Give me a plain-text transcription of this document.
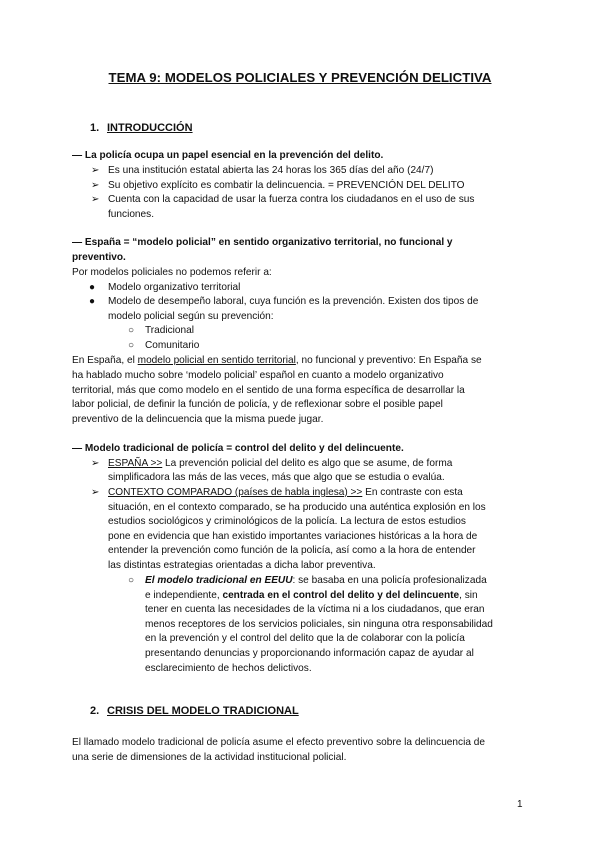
TEMA 9: MODELOS POLICIALES Y PREVENCIÓN DELICTIVA
1. INTRODUCCIÓN
— La policía ocupa un papel esencial en la prevención del delito.
➢ Es una institución estatal abierta las 24 horas los 365 días del año (24/7)
➢ Su objetivo explícito es combatir la delincuencia. = PREVENCIÓN DEL DELITO
➢ Cuenta con la capacidad de usar la fuerza contra los ciudadanos en el uso de sus
funciones.
— España = “modelo policial” en sentido organizativo territorial, no funcional y
preventivo.
Por modelos policiales no podemos referir a:
● Modelo organizativo territorial
● Modelo de desempeño laboral, cuya función es la prevención. Existen dos tipos de
modelo policial según su prevención:
○ Tradicional
○ Comunitario
En España, el modelo policial en sentido territorial, no funcional y preventivo: En España se
ha hablado mucho sobre ‘modelo policial’ español en cuanto a modelo organizativo
territorial, más que como modelo en el sentido de una forma específica de desarrollar la
labor policial, de definir la función de policía, y de reflexionar sobre el posible papel
preventivo de la delincuencia que la misma puede jugar.
— Modelo tradicional de policía = control del delito y del delincuente.
➢ ESPAÑA >> La prevención policial del delito es algo que se asume, de forma
simplificadora las más de las veces, más que algo que se estudia o evalúa.
➢ CONTEXTO COMPARADO (países de habla inglesa) >> En contraste con esta
situación, en el contexto comparado, se ha producido una auténtica explosión en los
estudios sociológicos y criminológicos de la policía. La lectura de estos estudios
pone en evidencia que han existido importantes variaciones históricas a la hora de
entender la prevención como función de la policía, así como a la hora de entender
las distintas estrategias orientadas a dicha labor preventiva.
○ El modelo tradicional en EEUU: se basaba en una policía profesionalizada
e independiente, centrada en el control del delito y del delincuente, sin
tener en cuenta las necesidades de la víctima ni a los ciudadanos, que eran
menos receptores de los servicios policiales, sin ninguna otra responsabilidad
en la prevención y el control del delito que la de colaborar con la policía
presentando denuncias y proporcionando información capaz de ayudar al
esclarecimiento de hechos delictivos.
2. CRISIS DEL MODELO TRADICIONAL
El llamado modelo tradicional de policía asume el efecto preventivo sobre la delincuencia de
una serie de dimensiones de la actividad institucional policial.
1
